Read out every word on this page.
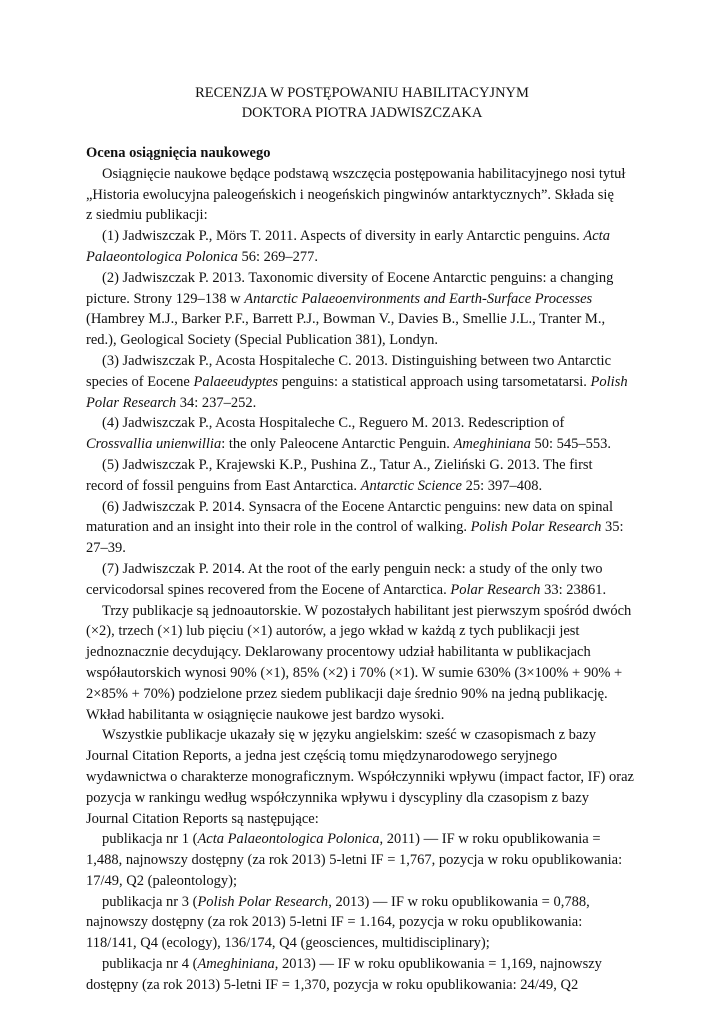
RECENZJA W POSTĘPOWANIU HABILITACYJNYM
DOKTORA PIOTRA JADWISZCZAKA
Ocena osiągnięcia naukowego
Osiągnięcie naukowe będące podstawą wszczęcia postępowania habilitacyjnego nosi tytuł
„Historia ewolucyjna paleogeńskich i neogeńskich pingwinów antarktycznych”. Składa się
z siedmiu publikacji:
(1) Jadwiszczak P., Mörs T. 2011. Aspects of diversity in early Antarctic penguins. Acta
Palaeontologica Polonica 56: 269–277.
(2) Jadwiszczak P. 2013. Taxonomic diversity of Eocene Antarctic penguins: a changing
picture. Strony 129–138 w Antarctic Palaeoenvironments and Earth-Surface Processes
(Hambrey M.J., Barker P.F., Barrett P.J., Bowman V., Davies B., Smellie J.L., Tranter M.,
red.), Geological Society (Special Publication 381), Londyn.
(3) Jadwiszczak P., Acosta Hospitaleche C. 2013. Distinguishing between two Antarctic
species of Eocene Palaeeudyptes penguins: a statistical approach using tarsometatarsi. Polish
Polar Research 34: 237–252.
(4) Jadwiszczak P., Acosta Hospitaleche C., Reguero M. 2013. Redescription of
Crossvallia unienwillia: the only Paleocene Antarctic Penguin. Ameghiniana 50: 545–553.
(5) Jadwiszczak P., Krajewski K.P., Pushina Z., Tatur A., Zieliński G. 2013. The first
record of fossil penguins from East Antarctica. Antarctic Science 25: 397–408.
(6) Jadwiszczak P. 2014. Synsacra of the Eocene Antarctic penguins: new data on spinal
maturation and an insight into their role in the control of walking. Polish Polar Research 35:
27–39.
(7) Jadwiszczak P. 2014. At the root of the early penguin neck: a study of the only two
cervicodorsal spines recovered from the Eocene of Antarctica. Polar Research 33: 23861.
Trzy publikacje są jednoautorskie. W pozostałych habilitant jest pierwszym spośród dwóch
(×2), trzech (×1) lub pięciu (×1) autorów, a jego wkład w każdą z tych publikacji jest
jednoznacznie decydujący. Deklarowany procentowy udział habilitanta w publikacjach
współautorskich wynosi 90% (×1), 85% (×2) i 70% (×1). W sumie 630% (3×100% + 90% +
2×85% + 70%) podzielone przez siedem publikacji daje średnio 90% na jedną publikację.
Wkład habilitanta w osiągnięcie naukowe jest bardzo wysoki.
Wszystkie publikacje ukazały się w języku angielskim: sześć w czasopismach z bazy
Journal Citation Reports, a jedna jest częścią tomu międzynarodowego seryjnego
wydawnictwa o charakterze monograficznym. Współczynniki wpływu (impact factor, IF) oraz
pozycja w rankingu według współczynnika wpływu i dyscypliny dla czasopism z bazy
Journal Citation Reports są następujące:
publikacja nr 1 (Acta Palaeontologica Polonica, 2011) — IF w roku opublikowania =
1,488, najnowszy dostępny (za rok 2013) 5-letni IF = 1,767, pozycja w roku opublikowania:
17/49, Q2 (paleontology);
publikacja nr 3 (Polish Polar Research, 2013) — IF w roku opublikowania = 0,788,
najnowszy dostępny (za rok 2013) 5-letni IF = 1.164, pozycja w roku opublikowania:
118/141, Q4 (ecology), 136/174, Q4 (geosciences, multidisciplinary);
publikacja nr 4 (Ameghiniana, 2013) — IF w roku opublikowania = 1,169, najnowszy
dostępny (za rok 2013) 5-letni IF = 1,370, pozycja w roku opublikowania: 24/49, Q2
